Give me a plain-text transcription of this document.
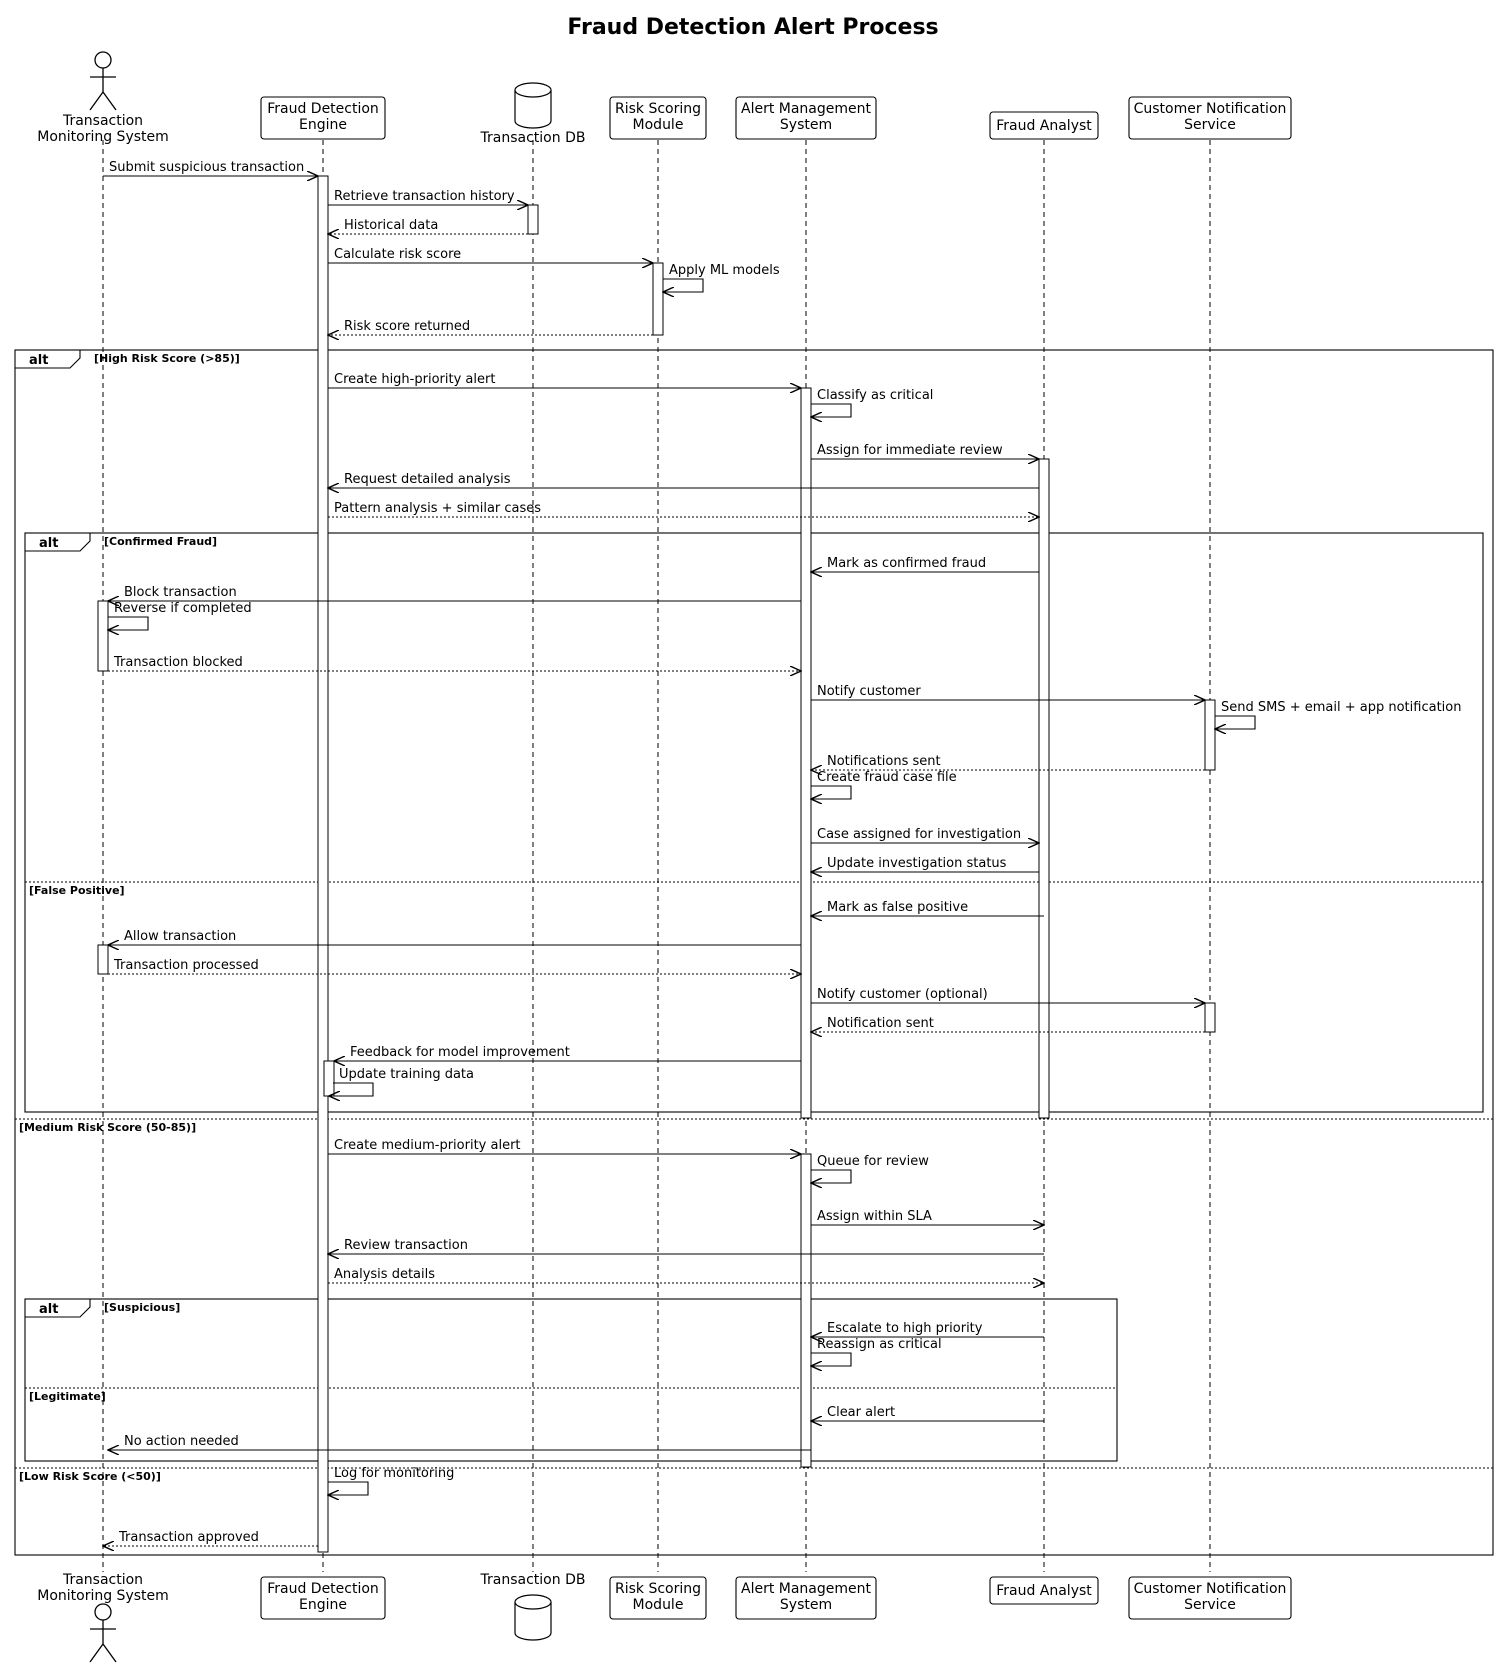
Fraud Detection Alert Process
alt	[High Risk Score (>85)]
[Medium Risk Score (50-85)]
[Low Risk Score (<50)]
alt	[Confirmed Fraud]
[False Positive]
alt	[Suspicious]
[Legitimate]
Submit suspicious transaction
Retrieve transaction history
Historical data
Calculate risk score
Apply ML models
Risk score returned
Create high-priority alert
Classify as critical
Assign for immediate review
Request detailed analysis
Pattern analysis + similar cases
Mark as confirmed fraud
Block transaction
Reverse if completed
Transaction blocked
Notify customer
Send SMS + email + app notification
Notifications sent
Create fraud case file
Case assigned for investigation
Update investigation status
Mark as false positive
Allow transaction
Transaction processed
Notify customer (optional)
Notification sent
Feedback for model improvement
Update training data
Create medium-priority alert
Queue for review
Assign within SLA
Review transaction
Analysis details
Escalate to high priority
Reassign as critical
Clear alert
No action needed
Log for monitoring
Transaction approved
Transaction
Monitoring System
Transaction
Monitoring System
Fraud Detection
Engine
Fraud Detection
Engine
Transaction DB
Transaction DB
Risk Scoring
Module
Risk Scoring
Module
Alert Management
System
Alert Management
System
Fraud Analyst
Fraud Analyst
Customer Notification
Service
Customer Notification
Service
